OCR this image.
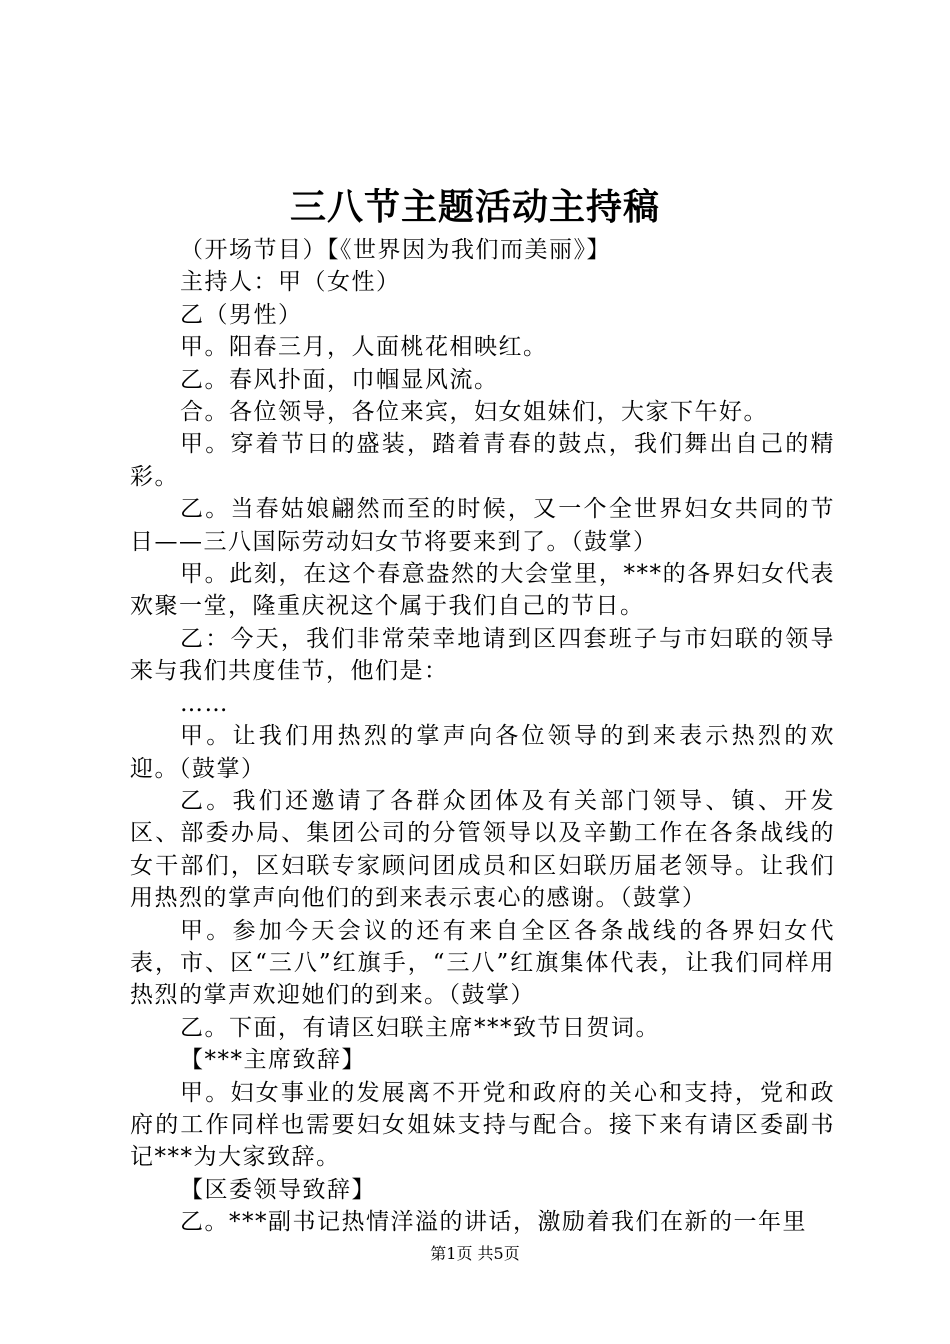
三八节主题活动主持稿

（开场节目）【《世界因为我们而美丽》】

主持人：甲（女性）

乙（男性）

甲。阳春三月，人面桃花相映红。

乙。春风扑面，巾帼显风流。

合。各位领导，各位来宾，妇女姐妹们，大家下午好。

甲。穿着节日的盛装，踏着青春的鼓点，我们舞出自己的精彩。

乙。当春姑娘翩然而至的时候，又一个全世界妇女共同的节日——三八国际劳动妇女节将要来到了。（鼓掌）

甲。此刻，在这个春意盎然的大会堂里，***的各界妇女代表欢聚一堂，隆重庆祝这个属于我们自己的节日。

乙：今天，我们非常荣幸地请到区四套班子与市妇联的领导来与我们共度佳节，他们是：

……

甲。让我们用热烈的掌声向各位领导的到来表示热烈的欢迎。（鼓掌）

乙。我们还邀请了各群众团体及有关部门领导、镇、开发区、部委办局、集团公司的分管领导以及辛勤工作在各条战线的女干部们，区妇联专家顾问团成员和区妇联历届老领导。让我们用热烈的掌声向他们的到来表示衷心的感谢。（鼓掌）

甲。参加今天会议的还有来自全区各条战线的各界妇女代表，市、区“三八”红旗手，“三八”红旗集体代表，让我们同样用热烈的掌声欢迎她们的到来。（鼓掌）

乙。下面，有请区妇联主席***致节日贺词。

【***主席致辞】

甲。妇女事业的发展离不开党和政府的关心和支持，党和政府的工作同样也需要妇女姐妹支持与配合。接下来有请区委副书记***为大家致辞。

【区委领导致辞】

乙。***副书记热情洋溢的讲话，激励着我们在新的一年里

第1页 共5页
